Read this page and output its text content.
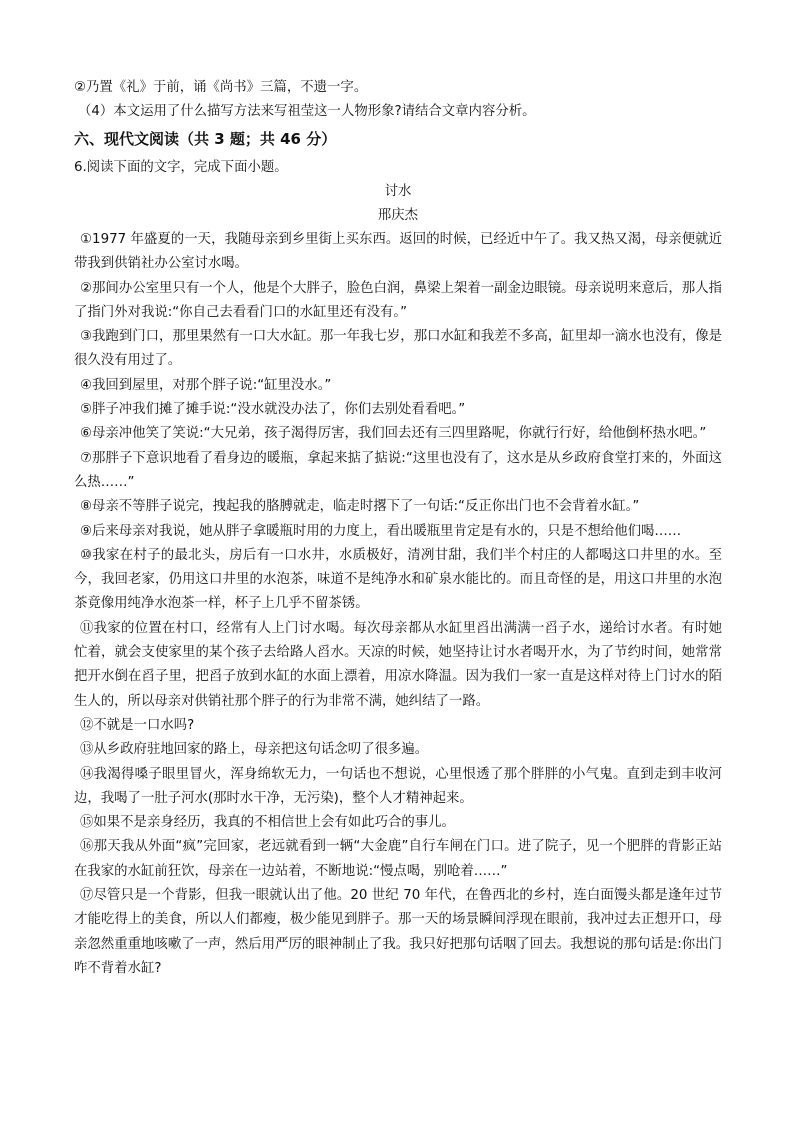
②乃置《礼》于前，诵《尚书》三篇，不遗一字。
（4）本文运用了什么描写方法来写祖莹这一人物形象?请结合文章内容分析。
六、现代文阅读（共 3 题；共 46 分）
6.阅读下面的文字，完成下面小题。
讨水
邢庆杰
①1977 年盛夏的一天，我随母亲到乡里街上买东西。返回的时候，已经近中午了。我又热又渴，母亲便就近带我到供销社办公室讨水喝。
②那间办公室里只有一个人，他是个大胖子，脸色白润，鼻梁上架着一副金边眼镜。母亲说明来意后，那人指了指门外对我说:“你自己去看看门口的水缸里还有没有。”
③我跑到门口，那里果然有一口大水缸。那一年我七岁，那口水缸和我差不多高，缸里却一滴水也没有，像是很久没有用过了。
④我回到屋里，对那个胖子说:“缸里没水。”
⑤胖子冲我们摊了摊手说:“没水就没办法了，你们去别处看看吧。”
⑥母亲冲他笑了笑说:“大兄弟，孩子渴得厉害，我们回去还有三四里路呢，你就行行好，给他倒杯热水吧。”
⑦那胖子下意识地看了看身边的暖瓶，拿起来掂了掂说:“这里也没有了，这水是从乡政府食堂打来的，外面这么热……”
⑧母亲不等胖子说完，拽起我的胳膊就走，临走时撂下了一句话:“反正你出门也不会背着水缸。”
⑨后来母亲对我说，她从胖子拿暖瓶时用的力度上，看出暖瓶里肯定是有水的，只是不想给他们喝……
⑩我家在村子的最北头，房后有一口水井，水质极好，清冽甘甜，我们半个村庄的人都喝这口井里的水。至今，我回老家，仍用这口井里的水泡茶，味道不是纯净水和矿泉水能比的。而且奇怪的是，用这口井里的水泡茶竟像用纯净水泡茶一样，杯子上几乎不留茶锈。
⑪我家的位置在村口，经常有人上门讨水喝。每次母亲都从水缸里舀出满满一舀子水，递给讨水者。有时她忙着，就会支使家里的某个孩子去给路人舀水。天凉的时候，她坚持让讨水者喝开水，为了节约时间，她常常把开水倒在舀子里，把舀子放到水缸的水面上漂着，用凉水降温。因为我们一家一直是这样对待上门讨水的陌生人的，所以母亲对供销社那个胖子的行为非常不满，她纠结了一路。
⑫不就是一口水吗?
⑬从乡政府驻地回家的路上，母亲把这句话念叨了很多遍。
⑭我渴得嗓子眼里冒火，浑身绵软无力，一句话也不想说，心里恨透了那个胖胖的小气鬼。直到走到丰收河边，我喝了一肚子河水(那时水干净，无污染)，整个人才精神起来。
⑮如果不是亲身经历，我真的不相信世上会有如此巧合的事儿。
⑯那天我从外面“疯”完回家，老远就看到一辆“大金鹿”自行车闸在门口。进了院子，见一个肥胖的背影正站在我家的水缸前狂饮，母亲在一边站着，不断地说:“慢点喝，别呛着……”
⑰尽管只是一个背影，但我一眼就认出了他。20 世纪 70 年代，在鲁西北的乡村，连白面馒头都是逢年过节才能吃得上的美食，所以人们都瘦，极少能见到胖子。那一天的场景瞬间浮现在眼前，我冲过去正想开口，母亲忽然重重地咳嗽了一声，然后用严厉的眼神制止了我。我只好把那句话咽了回去。我想说的那句话是:你出门咋不背着水缸?
